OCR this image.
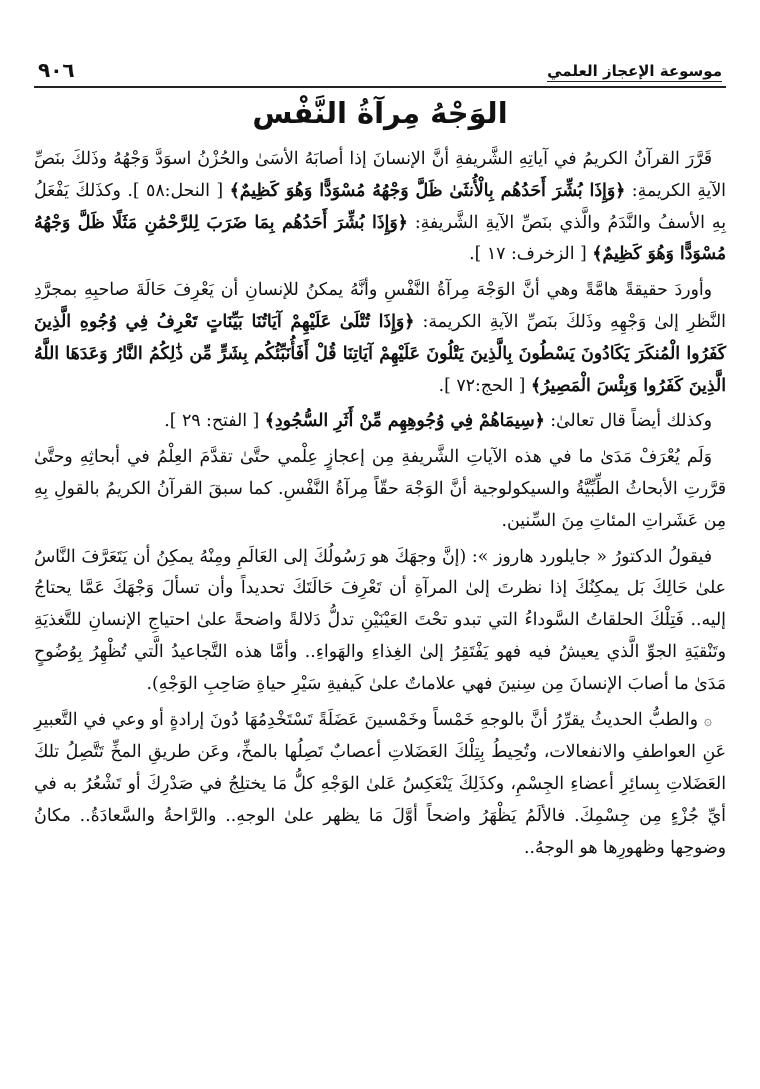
موسوعة الإعجاز العلمي
٩٠٦
الوَجْهُ مِرآةُ النَّفْس

قَرَّرَ القرآنُ الكريمُ في آياتِهِ الشَّريفةِ أنَّ الإنسانَ إذا أصابَهُ الأسَىٰ والحُزْنُ اسوَدَّ وَجْهُهُ وذَلكَ بنَصِّ الآيةِ الكريمةِ: ﴿وَإِذَا بُشِّرَ أَحَدُهُم بِالْأُنثَىٰ ظَلَّ وَجْهُهُ مُسْوَدًّا وَهُوَ كَظِيمٌ﴾ [ النحل:٥٨ ]. وكذَلكَ يَفْعَلُ بِهِ الأسفُ والنَّدَمُ والَّذي بنَصِّ الآيةِ الشَّريفةِ: ﴿وَإِذَا بُشِّرَ أَحَدُهُم بِمَا ضَرَبَ لِلرَّحْمَٰنِ مَثَلًا ظَلَّ وَجْهُهُ مُسْوَدًّا وَهُوَ كَظِيمٌ﴾ [ الزخرف: ١٧ ].

وأوردَ حقيقةً هامَّةً وهي أنَّ الوَجْهَ مِرآةُ النَّفْسِ وأنَّهُ يمكنُ للإنسانِ أن يَعْرِفَ حَالَةَ صاحبِهِ بمجرَّدِ النَّظرِ إلىٰ وَجْهِهِ وذَلكَ بنَصِّ الآيةِ الكريمة: ﴿وَإِذَا تُتْلَىٰ عَلَيْهِمْ آيَاتُنَا بَيِّنَاتٍ تَعْرِفُ فِي وُجُوهِ الَّذِينَ كَفَرُوا الْمُنكَرَ يَكَادُونَ يَسْطُونَ بِالَّذِينَ يَتْلُونَ عَلَيْهِمْ آيَاتِنَا قُلْ أَفَأُنَبِّئُكُم بِشَرٍّ مِّن ذَٰلِكُمُ النَّارُ وَعَدَهَا اللَّهُ الَّذِينَ كَفَرُوا وَبِئْسَ الْمَصِيرُ﴾ [ الحج:٧٢ ].

وكذلك أيضاً قال تعالىٰ: ﴿سِيمَاهُمْ فِي وُجُوهِهِم مِّنْ أَثَرِ السُّجُودِ﴾ [ الفتح: ٢٩ ].

وَلَم يُعْرَفْ مَدَىٰ ما في هذه الآياتِ الشَّريفةِ مِن إعجازٍ عِلْمي حتَّىٰ تقدَّمَ العِلْمُ في أبحاثِهِ وحتَّىٰ قرَّرتِ الأبحاثُ الطِّبِّيَّةُ والسيكولوجية أنَّ الوَجْهَ حقّاً مِرآةُ النَّفْسِ. كما سبقَ القرآنُ الكريمُ بالقولِ بِهِ مِن عَشَراتِ المئاتِ مِنَ السِّنين.

فيقولُ الدكتورُ « جايلورد هاروز »: (إنَّ وجهَكَ هو رَسُولُكَ إلى العَالَمِ ومِنْهُ يمكِنُ أن يَتَعَرَّفَ النَّاسُ علىٰ حَالِكَ بَل يمكِنُكَ إذا نظرتَ إلىٰ المرآةِ أن تَعْرِفَ حَالَتَكَ تحديداً وأن تسألَ وَجْهَكَ عَمَّا يحتاجُ إليه.. فَتِلْكَ الحلقاتُ السَّوداءُ التي تبدو تحْتَ العَيْنَيْنِ تدلُّ دَلالةً واضحةً علىٰ احتياجِ الإنسانِ للتَّغذيَةِ وتَنْقيَةِ الجوِّ الَّذي يعيشُ فيه فهو يَفْتَقِرُ إلىٰ الغِذاءِ والهَواءِ.. وأمَّا هذه التَّجاعيدُ الَّتي تُظْهِرُ بِوُضُوحٍ مَدَىٰ ما أصابَ الإنسانَ مِن سِنينَ فهي علاماتٌ علىٰ كَيفيةِ سَيْرِ حياةِ صَاحِبِ الوَجْهِ).

۞ والطبُّ الحديثُ يقرِّرُ أنَّ بالوجهِ خَمْساً وخَمْسينَ عَضَلَةً تَسْتَخْدِمُهَا دُونَ إرادةٍ أو وعي في التَّعبيرِ عَنِ العواطفِ والانفعالات، وتُحِيطُ بِتِلْكَ العَضَلاتِ أعصابٌ تَصِلُها بالمخِّ، وعَن طريقِ المخِّ تَتَّصِلُ تلكَ العَضَلاتِ بِسائِرِ أعضاءِ الجِسْمِ، وكذَلِكَ يَنْعَكِسُ عَلىٰ الوَجْهِ كلُّ مَا يختلِجُ في صَدْرِكَ أو تَشْعُرُ به في أيِّ جُزْءٍ مِن جِسْمِكَ. فالألَمُ يَظْهَرُ واضحاً أوَّلَ مَا يظهر علىٰ الوجهِ.. والرَّاحةُ والسَّعادَةُ.. مكانُ وضوحِها وظهورِها هو الوجهُ..
